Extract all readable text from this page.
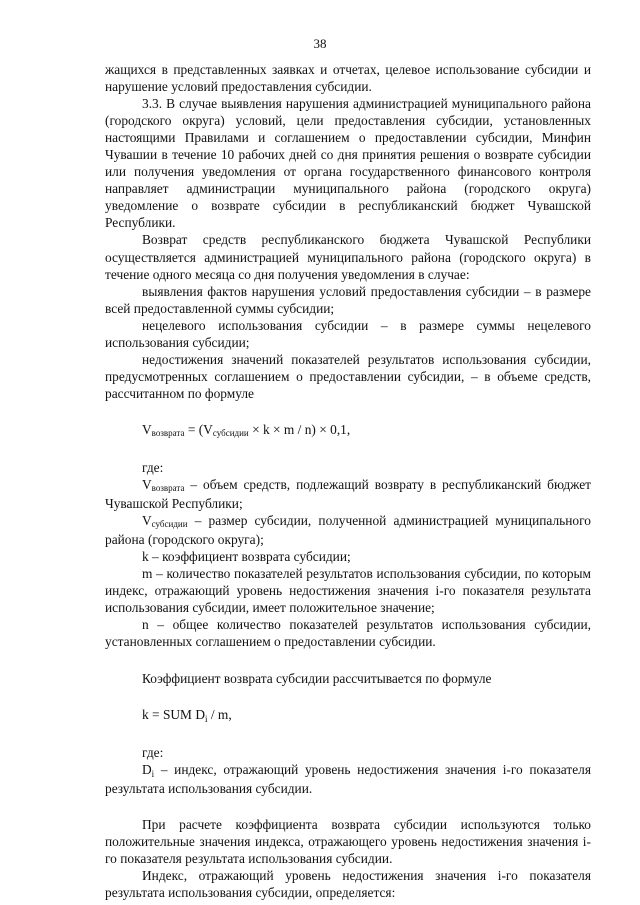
38

жащихся в представленных заявках и отчетах, целевое использование субсидии и нарушение условий предоставления субсидии.

3.3. В случае выявления нарушения администрацией муниципального района (городского округа) условий, цели предоставления субсидии, установленных настоящими Правилами и соглашением о предоставлении субсидии, Минфин Чувашии в течение 10 рабочих дней со дня принятия решения о возврате субсидии или получения уведомления от органа государственного финансового контроля направляет администрации муниципального района (городского округа) уведомление о возврате субсидии в республиканский бюджет Чувашской Республики.

Возврат средств республиканского бюджета Чувашской Республики осуществляется администрацией муниципального района (городского округа) в течение одного месяца со дня получения уведомления в случае:

выявления фактов нарушения условий предоставления субсидии – в размере всей предоставленной суммы субсидии;

нецелевого использования субсидии – в размере суммы нецелевого использования субсидии;

недостижения значений показателей результатов использования субсидии, предусмотренных соглашением о предоставлении субсидии, – в объеме средств, рассчитанном по формуле

Vвозврата = (Vсубсидии × k × m / n) × 0,1,

где:

Vвозврата – объем средств, подлежащий возврату в республиканский бюджет Чувашской Республики;

Vсубсидии – размер субсидии, полученной администрацией муниципального района (городского округа);

k – коэффициент возврата субсидии;

m – количество показателей результатов использования субсидии, по которым индекс, отражающий уровень недостижения значения i-го показателя результата использования субсидии, имеет положительное значение;

n – общее количество показателей результатов использования субсидии, установленных соглашением о предоставлении субсидии.

Коэффициент возврата субсидии рассчитывается по формуле

k = SUM $D_i$ / m,

где:

$D_i$ – индекс, отражающий уровень недостижения значения i-го показателя результата использования субсидии.

При расчете коэффициента возврата субсидии используются только положительные значения индекса, отражающего уровень недостижения значения i-го показателя результата использования субсидии.

Индекс, отражающий уровень недостижения значения i-го показателя результата использования субсидии, определяется:
